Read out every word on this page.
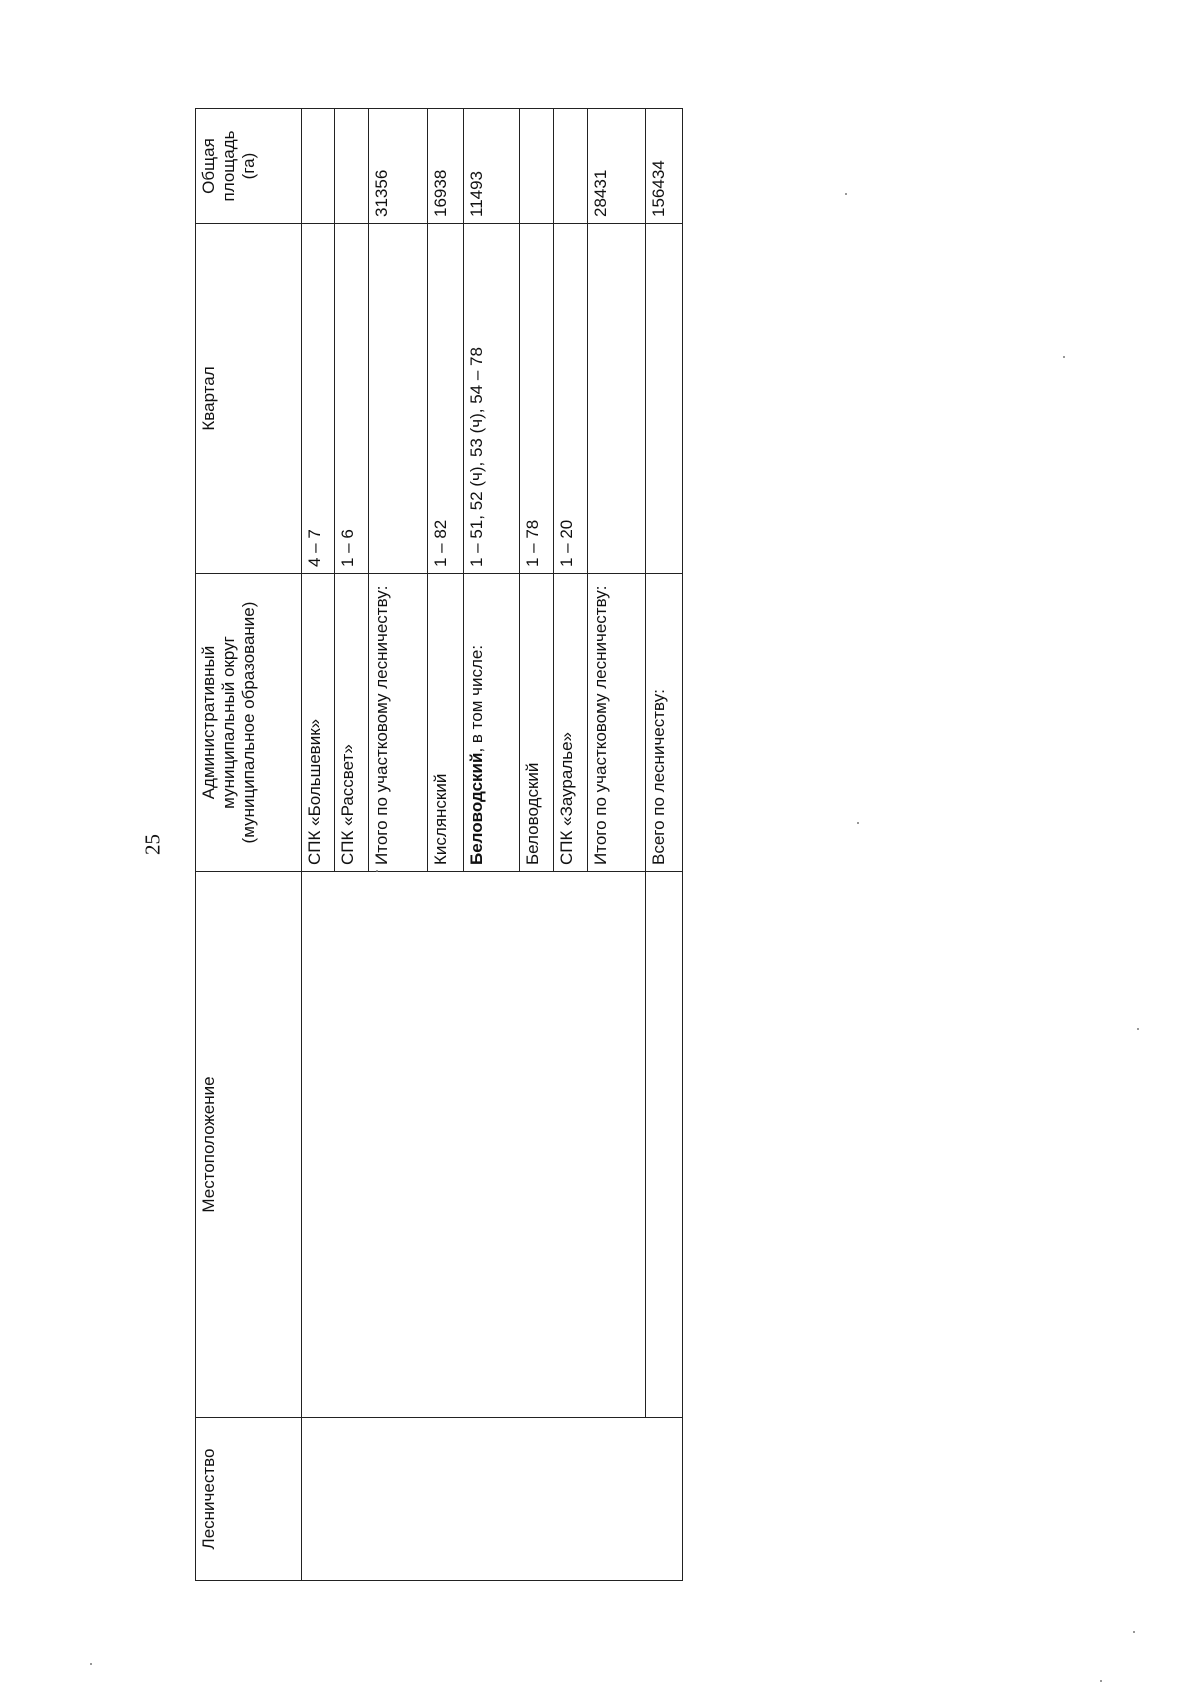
25
Лесничество	Местоположение	Административный муниципальный округ (муниципальное образование)	Квартал	Общая площадь (га)
		СПК «Большевик»	4 – 7	
		СПК «Рассвет»	1 – 6	
		Итого по участковому лесничеству:		31356
		Кислянский	1 – 82	16938
		Беловодский, в том числе:	1 – 51, 52 (ч), 53 (ч), 54 – 78	11493
		Беловодский	1 – 78	
		СПК «Зауралье»	1 – 20	
		Итого по участковому лесничеству:		28431
		Всего по лесничеству:		156434
